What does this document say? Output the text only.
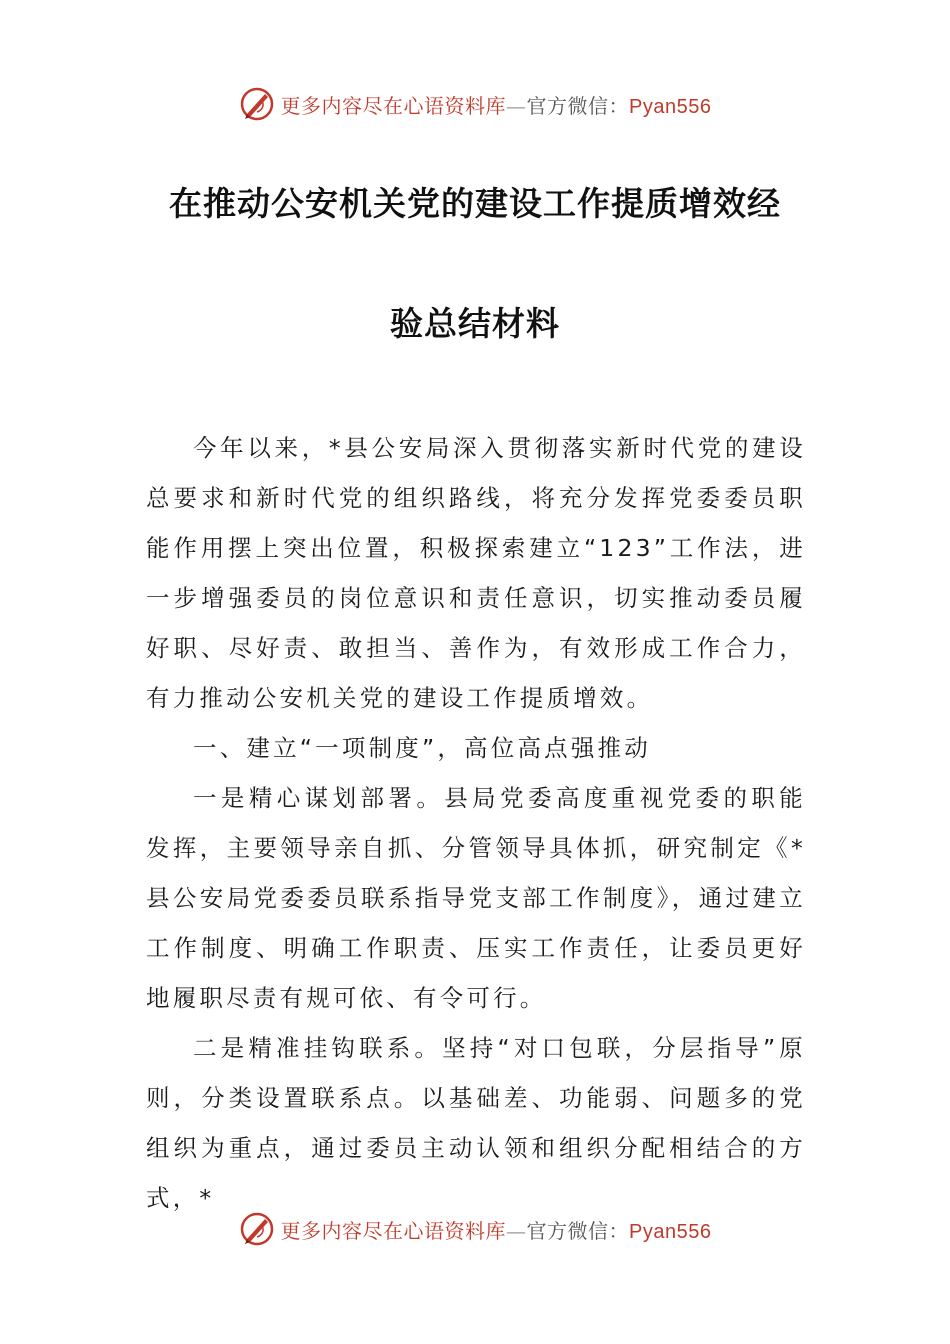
更多内容尽在心语资料库—官方微信：Pyan556
在推动公安机关党的建设工作提质增效经
验总结材料

今年以来，*县公安局深入贯彻落实新时代党的建设总要求和新时代党的组织路线，将充分发挥党委委员职能作用摆上突出位置，积极探索建立“123”工作法，进一步增强委员的岗位意识和责任意识，切实推动委员履好职、尽好责、敢担当、善作为，有效形成工作合力，有力推动公安机关党的建设工作提质增效。

一、建立“一项制度”，高位高点强推动

一是精心谋划部署。县局党委高度重视党委的职能发挥，主要领导亲自抓、分管领导具体抓，研究制定《*县公安局党委委员联系指导党支部工作制度》，通过建立工作制度、明确工作职责、压实工作责任，让委员更好地履职尽责有规可依、有令可行。

二是精准挂钩联系。坚持“对口包联，分层指导”原则，分类设置联系点。以基础差、功能弱、问题多的党组织为重点，通过委员主动认领和组织分配相结合的方式，*

更多内容尽在心语资料库—官方微信：Pyan556
